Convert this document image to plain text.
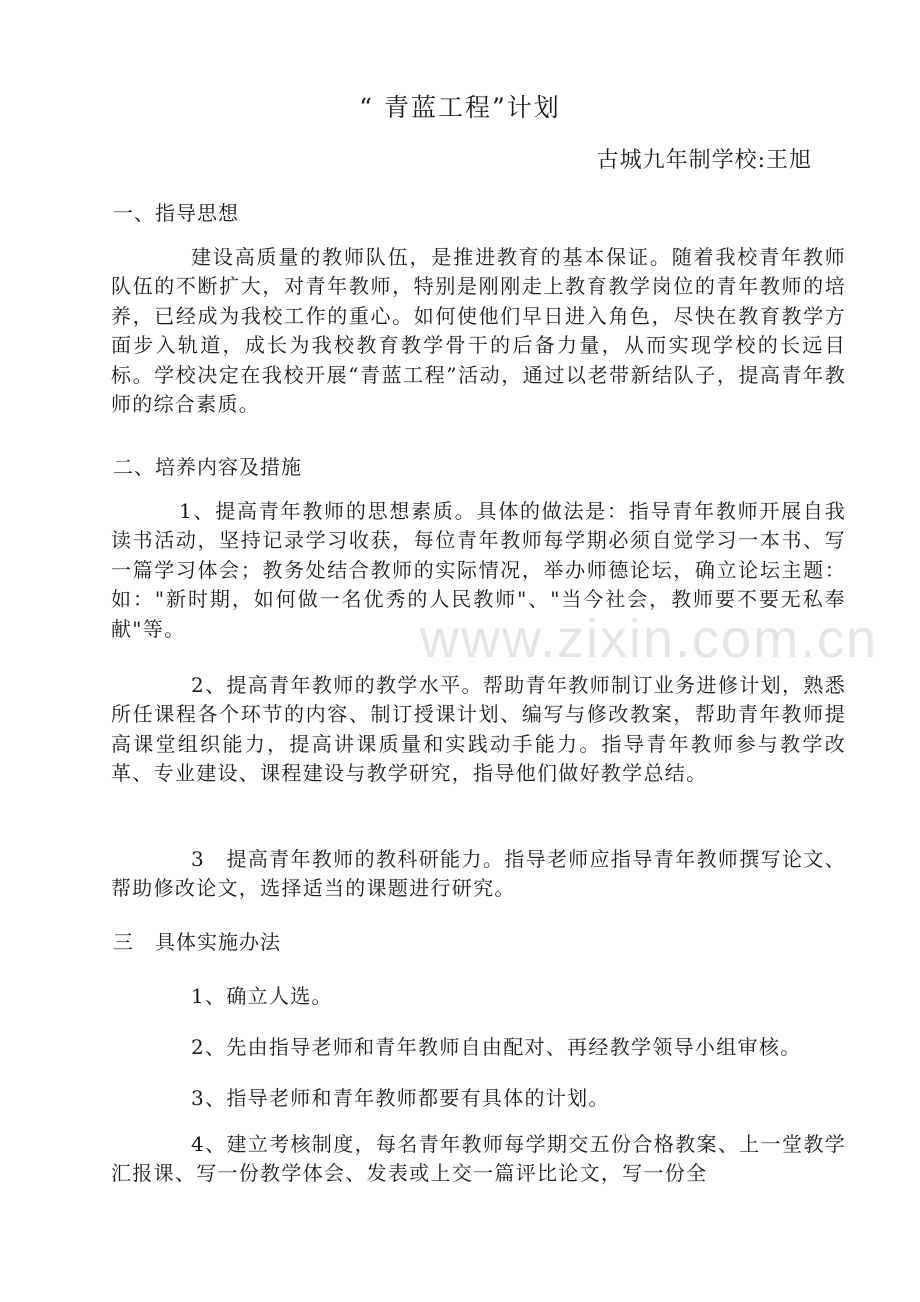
“ 青蓝工程”计划
古城九年制学校:王旭
一、指导思想
建设高质量的教师队伍，是推进教育的基本保证。随着我校青年教师队伍的不断扩大，对青年教师，特别是刚刚走上教育教学岗位的青年教师的培养，已经成为我校工作的重心。如何使他们早日进入角色，尽快在教育教学方面步入轨道，成长为我校教育教学骨干的后备力量，从而实现学校的长远目标。学校决定在我校开展“青蓝工程”活动，通过以老带新结队子，提高青年教师的综合素质。
二、培养内容及措施
1、提高青年教师的思想素质。具体的做法是：指导青年教师开展自我读书活动，坚持记录学习收获，每位青年教师每学期必须自觉学习一本书、写一篇学习体会；教务处结合教师的实际情况，举办师德论坛，确立论坛主题：如："新时期，如何做一名优秀的人民教师"、"当今社会，教师要不要无私奉献"等。
2、提高青年教师的教学水平。帮助青年教师制订业务进修计划，熟悉所任课程各个环节的内容、制订授课计划、编写与修改教案，帮助青年教师提高课堂组织能力，提高讲课质量和实践动手能力。指导青年教师参与教学改革、专业建设、课程建设与教学研究，指导他们做好教学总结。
3　提高青年教师的教科研能力。指导老师应指导青年教师撰写论文、帮助修改论文，选择适当的课题进行研究。
三　具体实施办法
1、确立人选。
2、先由指导老师和青年教师自由配对、再经教学领导小组审核。
3、指导老师和青年教师都要有具体的计划。
4、建立考核制度，每名青年教师每学期交五份合格教案、上一堂教学汇报课、写一份教学体会、发表或上交一篇评比论文，写一份全
www.zixin.com.cn
